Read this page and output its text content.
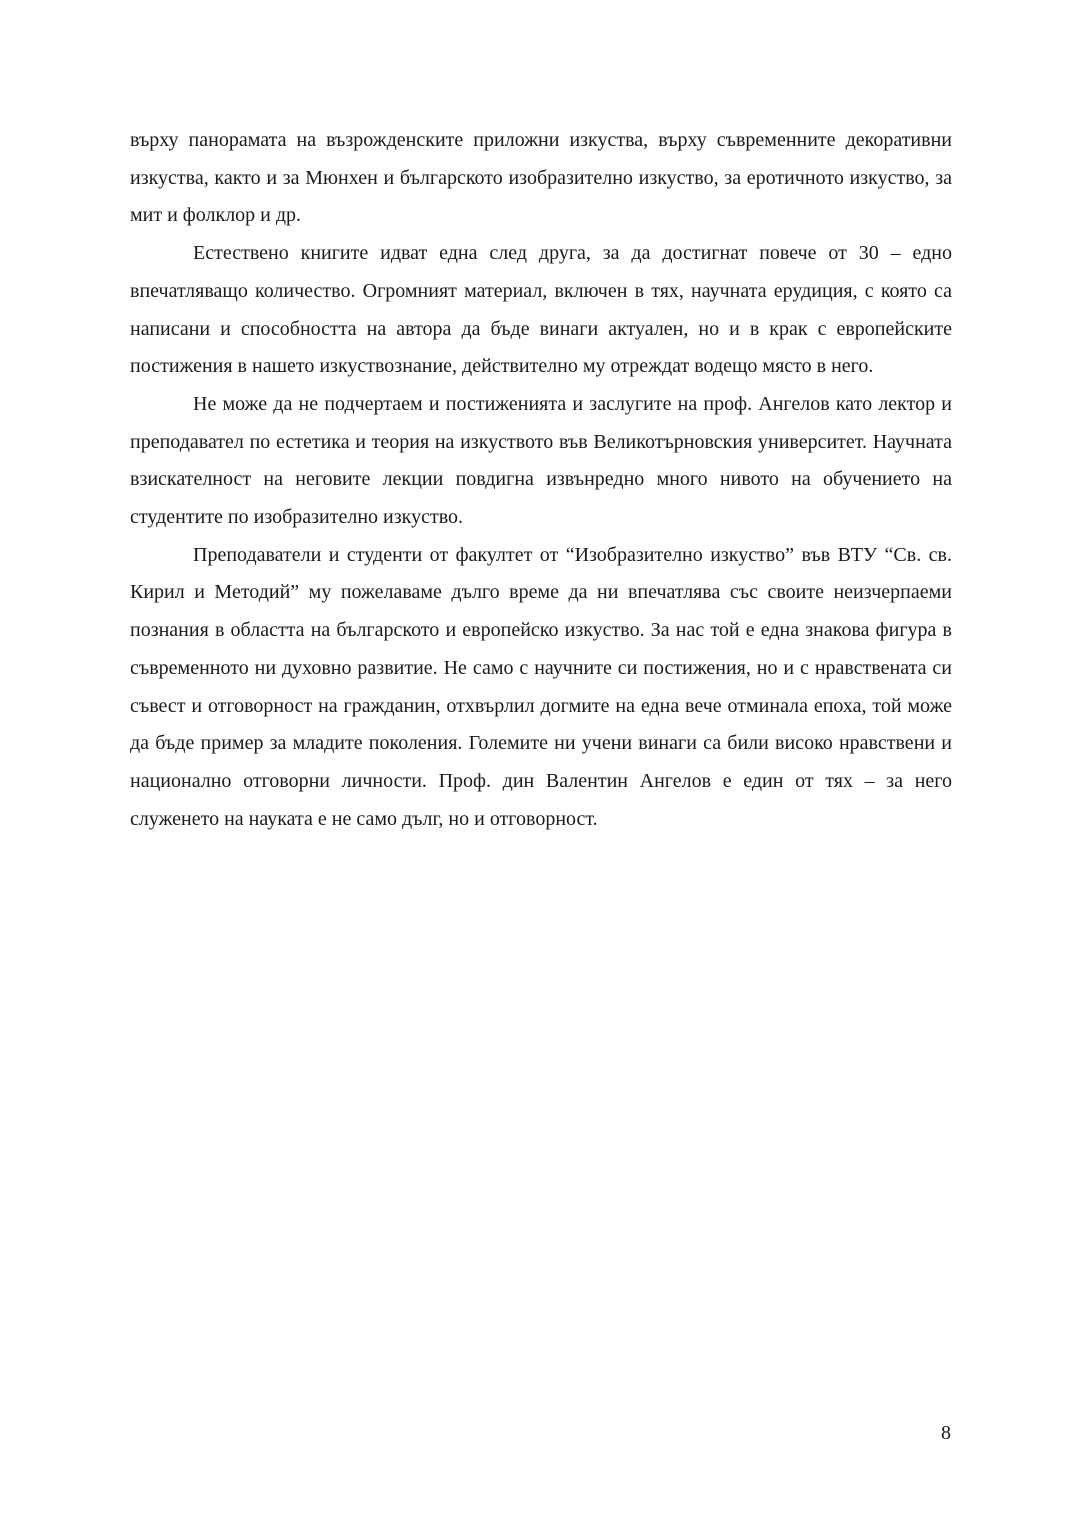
върху панорамата на възрожденските приложни изкуства, върху съвременните декоративни изкуства, както и за Мюнхен и българското изобразително изкуство, за еротичното изкуство, за мит и фолклор и др.

Естествено книгите идват една след друга, за да достигнат повече от 30 – едно впечатляващо количество. Огромният материал, включен в тях, научната ерудиция, с която са написани и способността на автора да бъде винаги актуален, но и в крак с европейските постижения в нашето изкуствознание, действително му отреждат водещо място в него.

Не може да не подчертаем и постиженията и заслугите на проф. Ангелов като лектор и преподавател по естетика и теория на изкуството във Великотърновския университет. Научната взискателност на неговите лекции повдигна извънредно много нивото на обучението на студентите по изобразително изкуство.

Преподаватели и студенти от факултет от “Изобразително изкуство” във ВТУ “Св. св. Кирил и Методий” му пожелаваме дълго време да ни впечатлява със своите неизчерпаеми познания в областта на българското и европейско изкуство. За нас той е една знакова фигура в съвременното ни духовно развитие. Не само с научните си постижения, но и с нравствената си съвест и отговорност на гражданин, отхвърлил догмите на една вече отминала епоха, той може да бъде пример за младите поколения. Големите ни учени винаги са били високо нравствени и национално отговорни личности. Проф. дин Валентин Ангелов е един от тях – за него служенето на науката е не само дълг, но и отговорност.

8
